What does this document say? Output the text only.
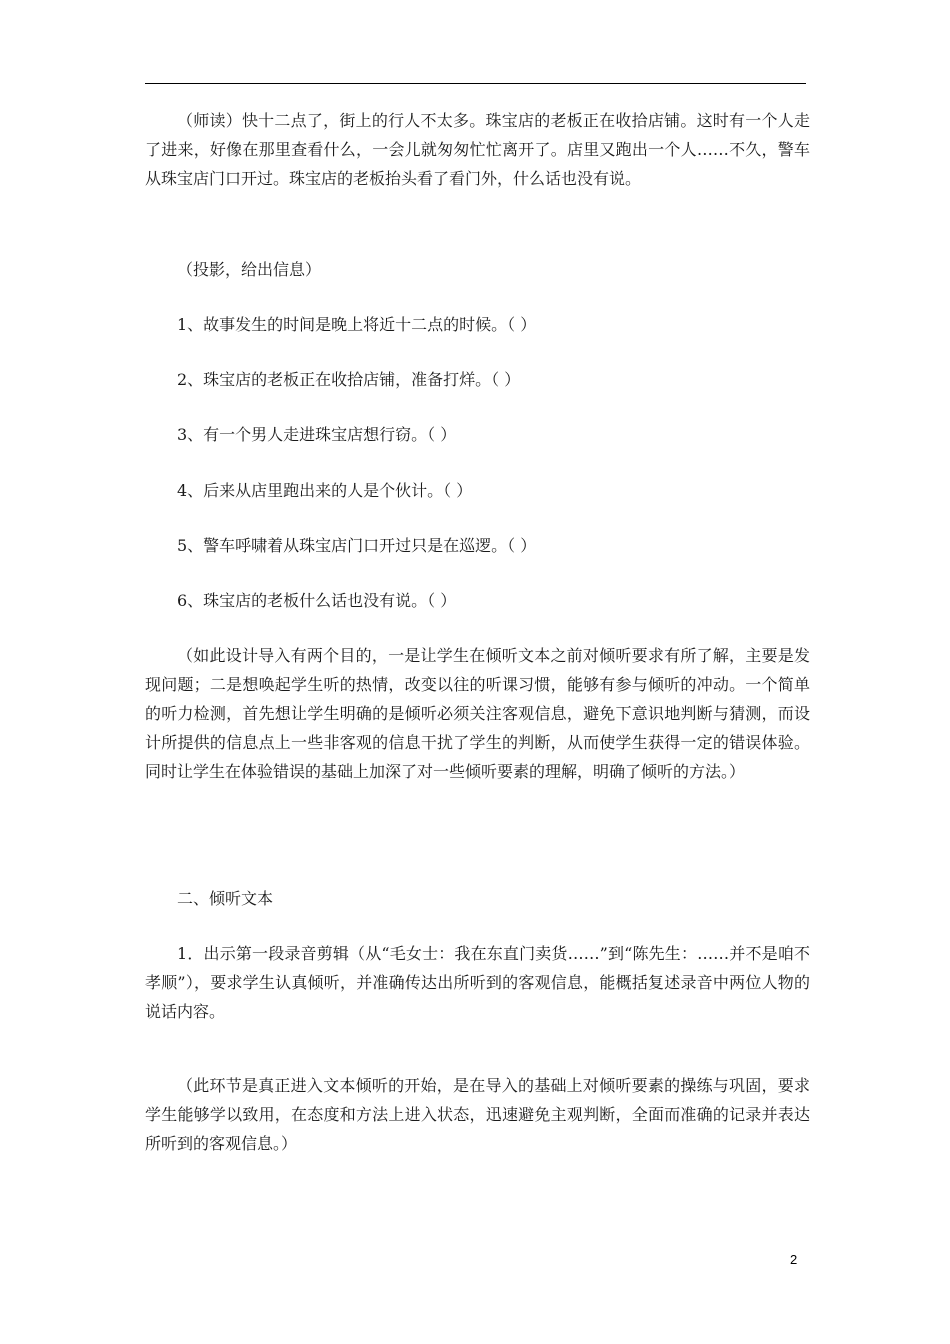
（师读）快十二点了，街上的行人不太多。珠宝店的老板正在收拾店铺。这时有一个人走了进来，好像在那里查看什么，一会儿就匆匆忙忙离开了。店里又跑出一个人……不久，警车从珠宝店门口开过。珠宝店的老板抬头看了看门外，什么话也没有说。

（投影，给出信息）

1、故事发生的时间是晚上将近十二点的时候。（ ）

2、珠宝店的老板正在收拾店铺，准备打烊。（ ）

3、有一个男人走进珠宝店想行窃。（ ）

4、后来从店里跑出来的人是个伙计。（ ）

5、警车呼啸着从珠宝店门口开过只是在巡逻。（ ）

6、珠宝店的老板什么话也没有说。（ ）

（如此设计导入有两个目的，一是让学生在倾听文本之前对倾听要求有所了解，主要是发现问题；二是想唤起学生听的热情，改变以往的听课习惯，能够有参与倾听的冲动。一个简单的听力检测，首先想让学生明确的是倾听必须关注客观信息，避免下意识地判断与猜测，而设计所提供的信息点上一些非客观的信息干扰了学生的判断，从而使学生获得一定的错误体验。同时让学生在体验错误的基础上加深了对一些倾听要素的理解，明确了倾听的方法。）

二、倾听文本

1．出示第一段录音剪辑（从“毛女士：我在东直门卖货……”到“陈先生：……并不是咱不孝顺”），要求学生认真倾听，并准确传达出所听到的客观信息，能概括复述录音中两位人物的说话内容。

（此环节是真正进入文本倾听的开始，是在导入的基础上对倾听要素的操练与巩固，要求学生能够学以致用，在态度和方法上进入状态，迅速避免主观判断，全面而准确的记录并表达所听到的客观信息。）

2
